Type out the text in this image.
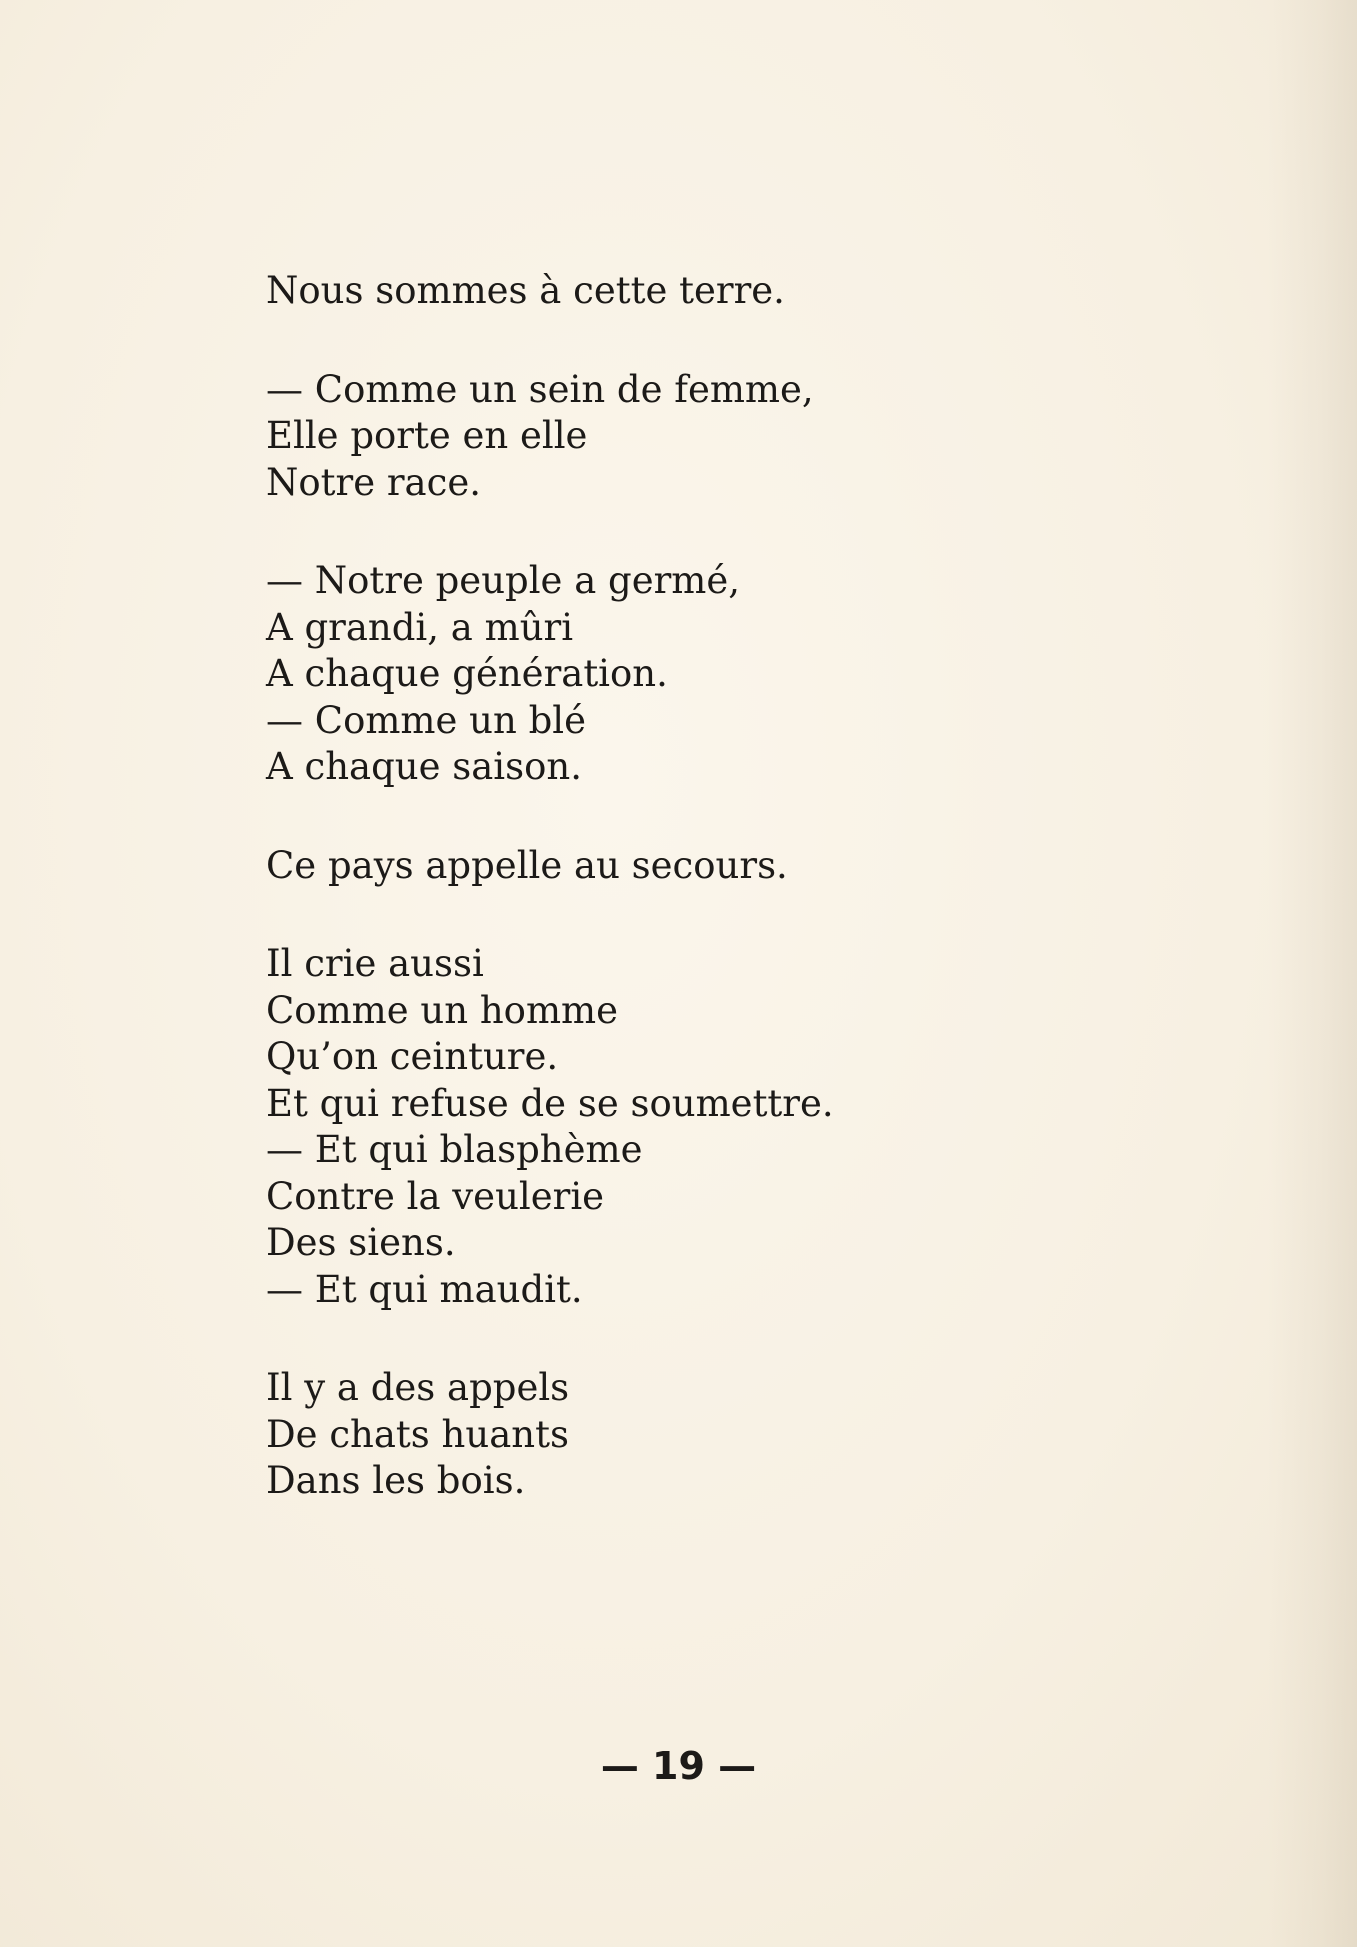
Nous sommes à cette terre.
— Comme un sein de femme,
Elle porte en elle
Notre race.
— Notre peuple a germé,
A grandi, a mûri
A chaque génération.
— Comme un blé
A chaque saison.
Ce pays appelle au secours.
Il crie aussi
Comme un homme
Qu’on ceinture.
Et qui refuse de se soumettre.
— Et qui blasphème
Contre la veulerie
Des siens.
— Et qui maudit.
Il y a des appels
De chats huants
Dans les bois.
— 19 —
